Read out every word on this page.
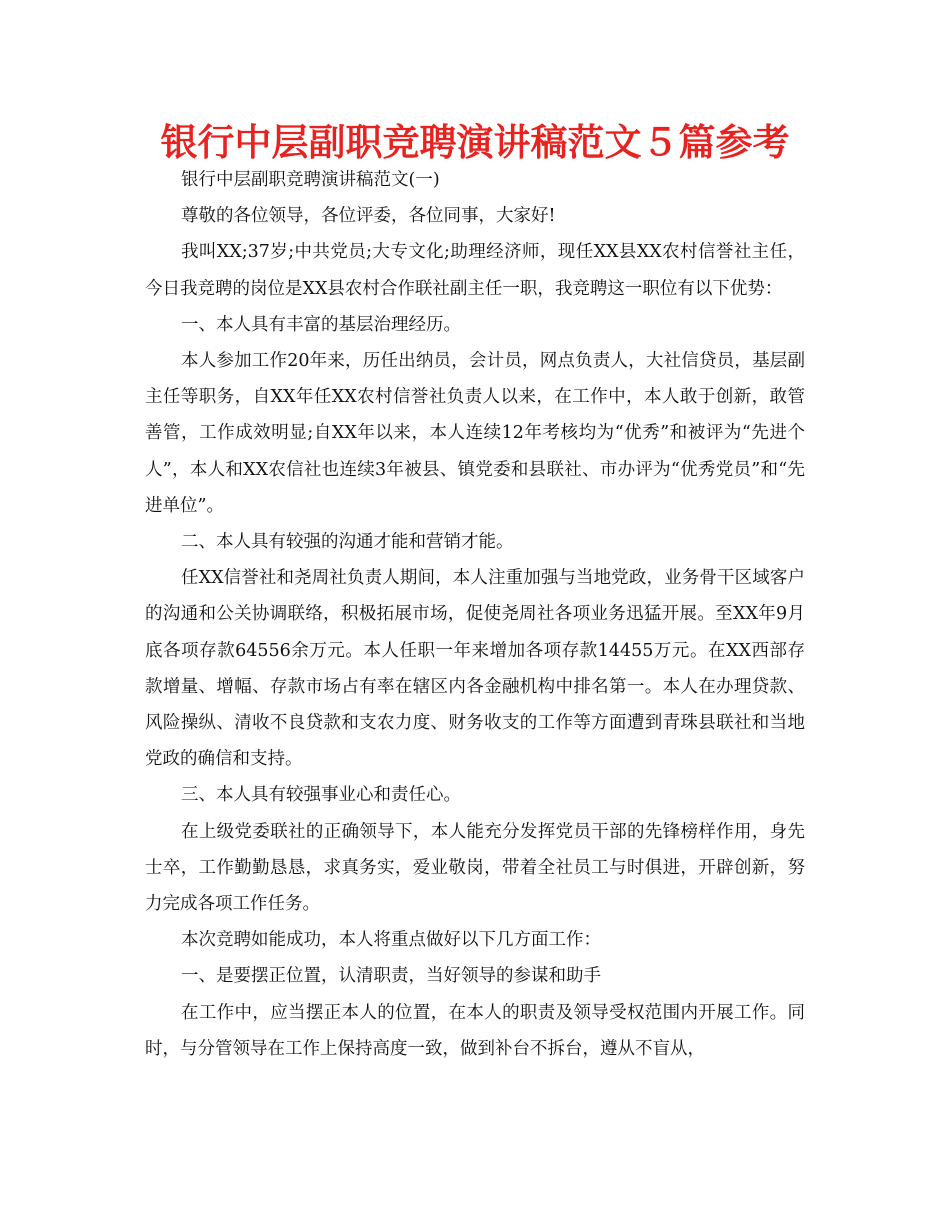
银行中层副职竞聘演讲稿范文５篇参考

银行中层副职竞聘演讲稿范文(一)

尊敬的各位领导，各位评委，各位同事，大家好!

我叫XX;37岁;中共党员;大专文化;助理经济师，现任XX县XX农村信誉社主任，今日我竞聘的岗位是XX县农村合作联社副主任一职，我竞聘这一职位有以下优势：

一、本人具有丰富的基层治理经历。

本人参加工作20年来，历任出纳员，会计员，网点负责人，大社信贷员，基层副主任等职务，自XX年任XX农村信誉社负责人以来，在工作中，本人敢于创新，敢管善管，工作成效明显;自XX年以来，本人连续12年考核均为“优秀”和被评为“先进个人”，本人和XX农信社也连续3年被县、镇党委和县联社、市办评为“优秀党员”和“先进单位”。

二、本人具有较强的沟通才能和营销才能。

任XX信誉社和尧周社负责人期间，本人注重加强与当地党政，业务骨干区域客户的沟通和公关协调联络，积极拓展市场，促使尧周社各项业务迅猛开展。至XX年9月底各项存款64556余万元。本人任职一年来增加各项存款14455万元。在XX西部存款增量、增幅、存款市场占有率在辖区内各金融机构中排名第一。本人在办理贷款、风险操纵、清收不良贷款和支农力度、财务收支的工作等方面遭到青珠县联社和当地党政的确信和支持。

三、本人具有较强事业心和责任心。

在上级党委联社的正确领导下，本人能充分发挥党员干部的先锋榜样作用，身先士卒，工作勤勤恳恳，求真务实，爱业敬岗，带着全社员工与时俱进，开辟创新，努力完成各项工作任务。

本次竞聘如能成功，本人将重点做好以下几方面工作：

一、是要摆正位置，认清职责，当好领导的参谋和助手

在工作中，应当摆正本人的位置，在本人的职责及领导受权范围内开展工作。同时，与分管领导在工作上保持高度一致，做到补台不拆台，遵从不盲从，
